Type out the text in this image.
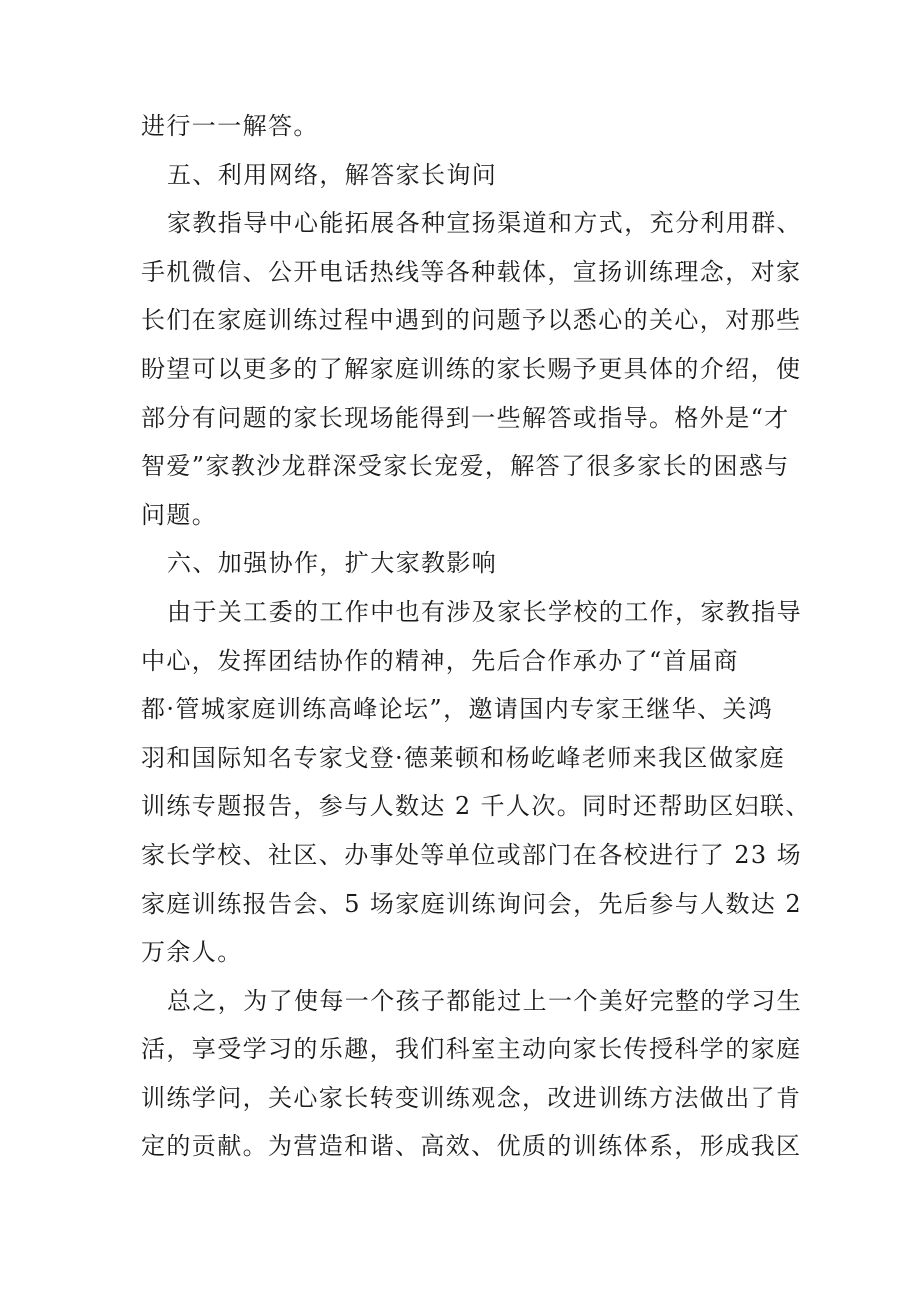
进行一一解答。
五、利用网络，解答家长询问
家教指导中心能拓展各种宣扬渠道和方式，充分利用群、
手机微信、公开电话热线等各种载体，宣扬训练理念，对家
长们在家庭训练过程中遇到的问题予以悉心的关心，对那些
盼望可以更多的了解家庭训练的家长赐予更具体的介绍，使
部分有问题的家长现场能得到一些解答或指导。格外是“才
智爱”家教沙龙群深受家长宠爱，解答了很多家长的困惑与
问题。
六、加强协作，扩大家教影响
由于关工委的工作中也有涉及家长学校的工作，家教指导
中心，发挥团结协作的精神，先后合作承办了“首届商
都·管城家庭训练高峰论坛”，邀请国内专家王继华、关鸿
羽和国际知名专家戈登·德莱顿和杨屹峰老师来我区做家庭
训练专题报告，参与人数达 2 千人次。同时还帮助区妇联、
家长学校、社区、办事处等单位或部门在各校进行了 23 场
家庭训练报告会、5 场家庭训练询问会，先后参与人数达 2
万余人。
总之，为了使每一个孩子都能过上一个美好完整的学习生
活，享受学习的乐趣，我们科室主动向家长传授科学的家庭
训练学问，关心家长转变训练观念，改进训练方法做出了肯
定的贡献。为营造和谐、高效、优质的训练体系，形成我区
